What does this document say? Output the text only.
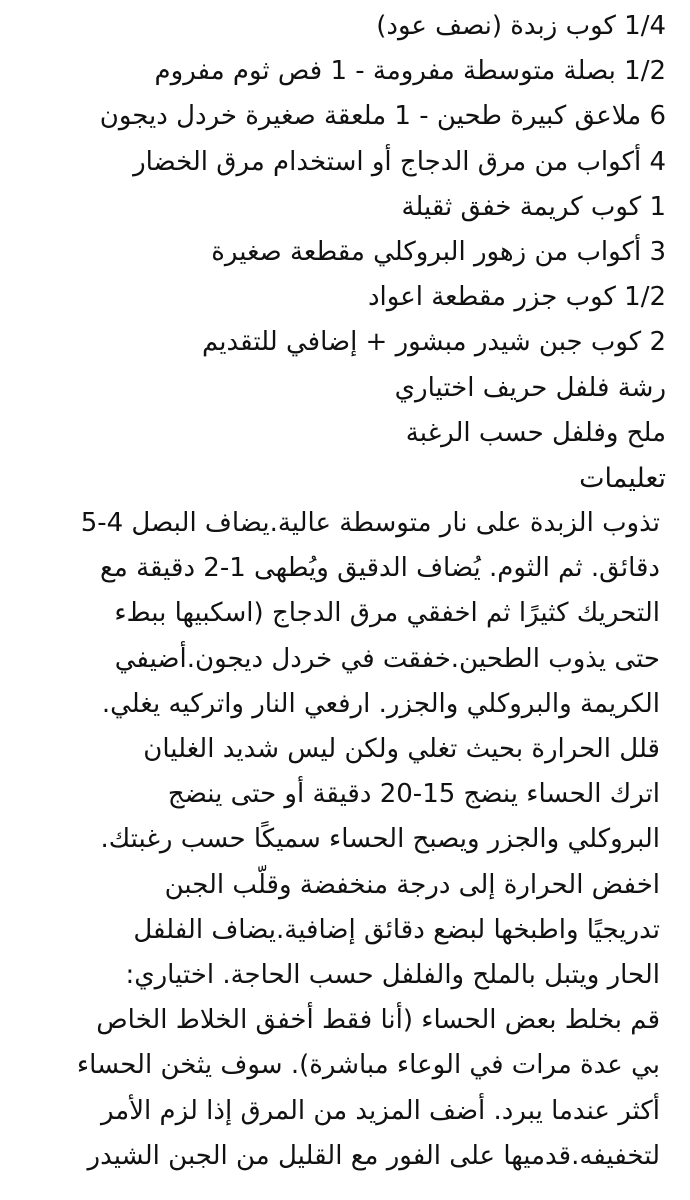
1/4 كوب زبدة (نصف عود)
1/2 بصلة متوسطة مفرومة - 1 فص ثوم مفروم
6 ملاعق كبيرة طحين - 1 ملعقة صغيرة خردل ديجون
4 أكواب من مرق الدجاج أو استخدام مرق الخضار
1 كوب كريمة خفق ثقيلة
3 أكواب من زهور البروكلي مقطعة صغيرة
1/2 كوب جزر مقطعة اعواد
2 كوب جبن شيدر مبشور + إضافي للتقديم
رشة فلفل حريف اختياري
ملح وفلفل حسب الرغبة
تعليمات
تذوب الزبدة على نار متوسطة عالية.يضاف البصل 4-5
دقائق. ثم الثوم. يُضاف الدقيق ويُطهى 1-2 دقيقة مع
التحريك كثيرًا ثم اخفقي مرق الدجاج (اسكبيها ببطء
حتى يذوب الطحين.خفقت في خردل ديجون.أضيفي
الكريمة والبروكلي والجزر. ارفعي النار واتركيه يغلي.
قلل الحرارة بحيث تغلي ولكن ليس شديد الغليان
اترك الحساء ينضج 15-20 دقيقة أو حتى ينضج
البروكلي والجزر ويصبح الحساء سميكًا حسب رغبتك.
اخفض الحرارة إلى درجة منخفضة وقلّب الجبن
تدريجيًا واطبخها لبضع دقائق إضافية.يضاف الفلفل
الحار ويتبل بالملح والفلفل حسب الحاجة. اختياري:
قم بخلط بعض الحساء (أنا فقط أخفق الخلاط الخاص
بي عدة مرات في الوعاء مباشرة). سوف يثخن الحساء
أكثر عندما يبرد. أضف المزيد من المرق إذا لزم الأمر
لتخفيفه.قدميها على الفور مع القليل من الجبن الشيدر
